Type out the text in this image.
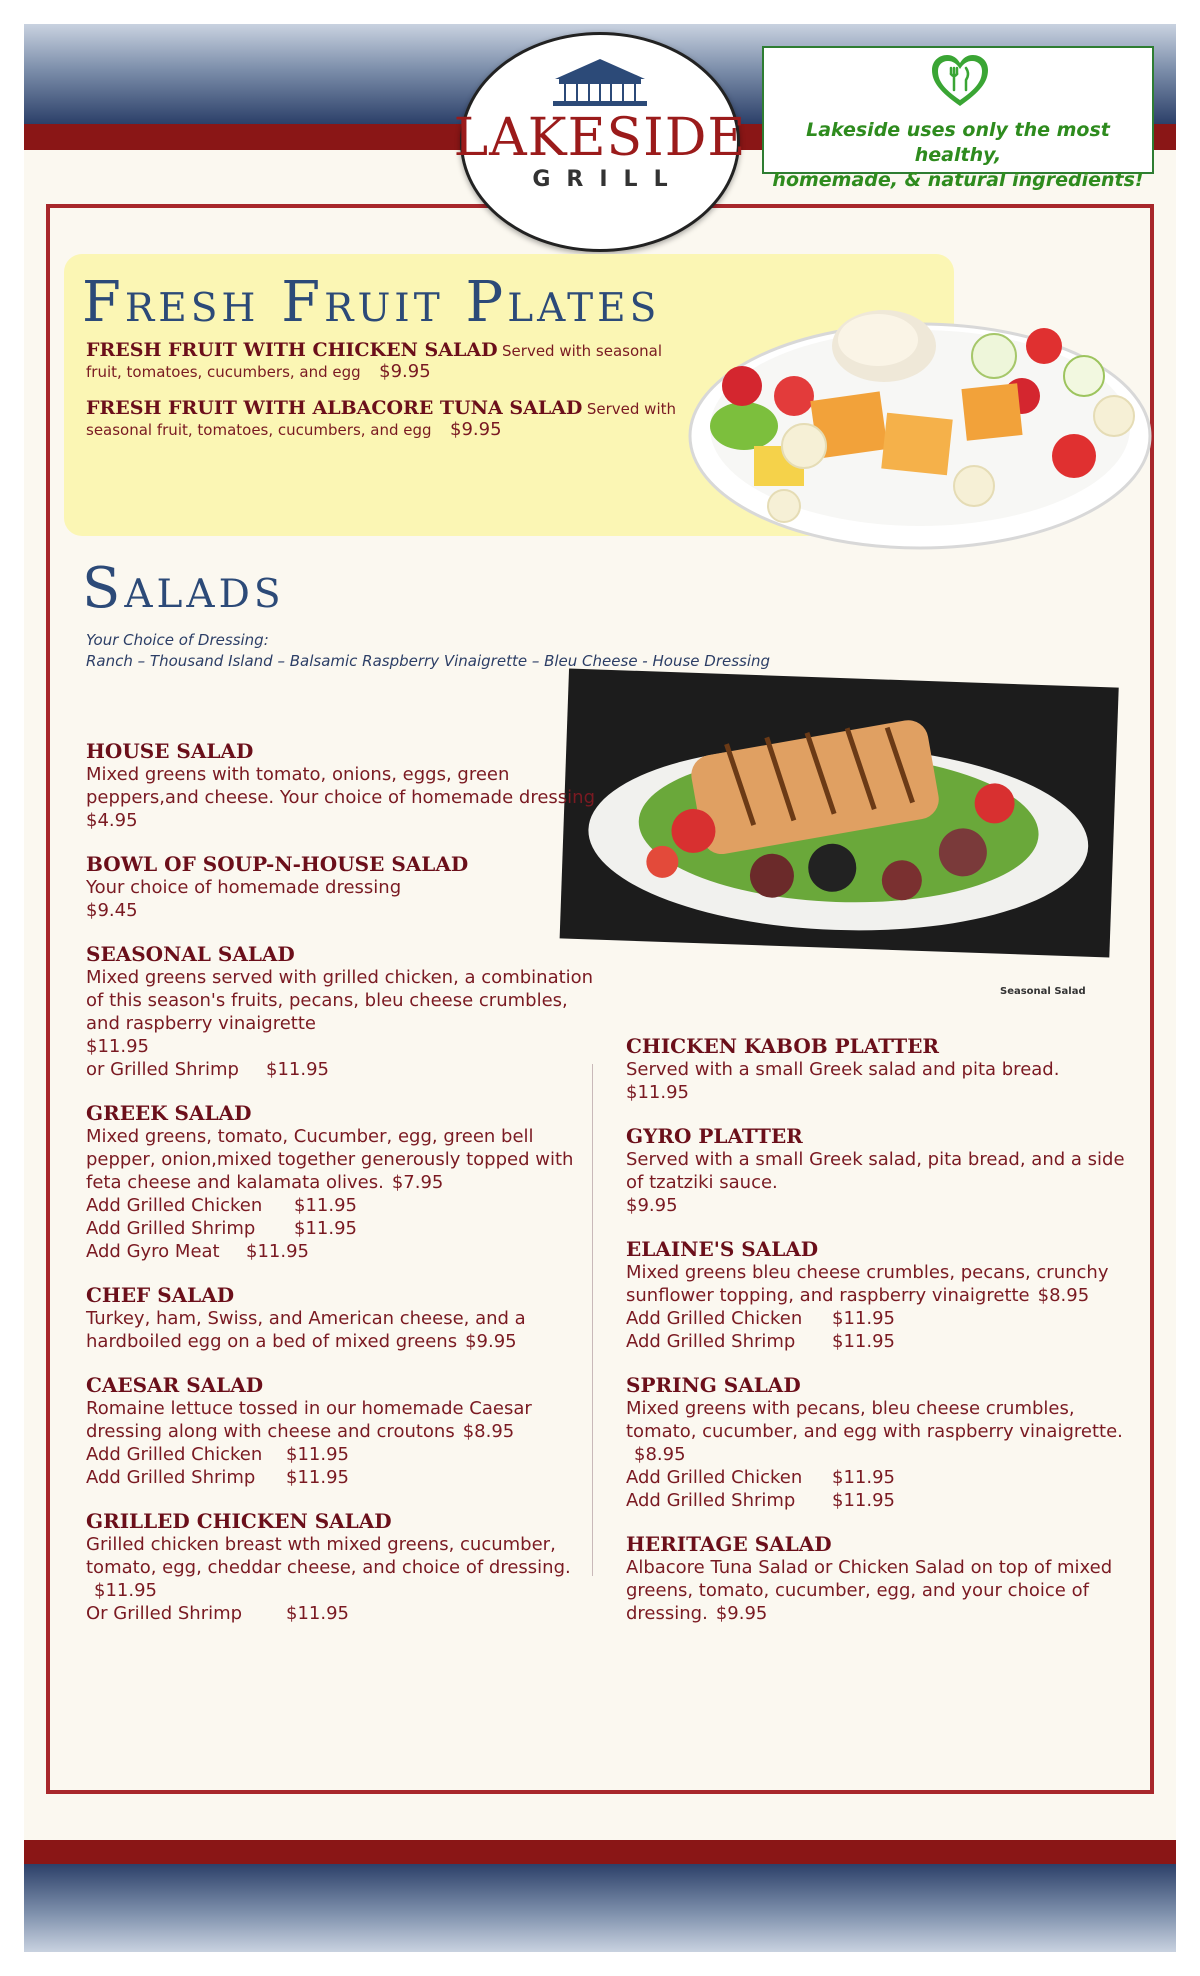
LAKESIDE
GRILL
Lakeside uses only the most healthy,
homemade, & natural ingredients!
Fresh Fruit Plates
FRESH FRUIT WITH CHICKEN SALAD Served with seasonal fruit, tomatoes, cucumbers, and egg $9.95
FRESH FRUIT WITH ALBACORE TUNA SALAD Served with seasonal fruit, tomatoes, cucumbers, and egg $9.95
Salads
Your Choice of Dressing:
Ranch – Thousand Island – Balsamic Raspberry Vinaigrette – Bleu Cheese - House Dressing
Seasonal Salad
HOUSE SALAD
Mixed greens with tomato, onions, eggs, green peppers,and cheese. Your choice of homemade dressing
$4.95
BOWL OF SOUP-N-HOUSE SALAD
Your choice of homemade dressing
$9.45
SEASONAL SALAD
Mixed greens served with grilled chicken, a combination of this season's fruits, pecans, bleu cheese crumbles, and raspberry vinaigrette
$11.95
or Grilled Shrimp $11.95
GREEK SALAD
Mixed greens, tomato, Cucumber, egg, green bell pepper, onion,mixed together generously topped with feta cheese and kalamata olives. $7.95
Add Grilled Chicken $11.95
Add Grilled Shrimp $11.95
Add Gyro Meat $11.95
CHEF SALAD
Turkey, ham, Swiss, and American cheese, and a hardboiled egg on a bed of mixed greens $9.95
CAESAR SALAD
Romaine lettuce tossed in our homemade Caesar dressing along with cheese and croutons $8.95
Add Grilled Chicken $11.95
Add Grilled Shrimp $11.95
GRILLED CHICKEN SALAD
Grilled chicken breast wth mixed greens, cucumber, tomato, egg, cheddar cheese, and choice of dressing.$11.95
Or Grilled Shrimp $11.95
CHICKEN KABOB PLATTER
Served with a small Greek salad and pita bread.
$11.95
GYRO PLATTER
Served with a small Greek salad, pita bread, and a side of tzatziki sauce.
$9.95
ELAINE'S SALAD
Mixed greens bleu cheese crumbles, pecans, crunchy sunflower topping, and raspberry vinaigrette $8.95
Add Grilled Chicken $11.95
Add Grilled Shrimp $11.95
SPRING SALAD
Mixed greens with pecans, bleu cheese crumbles, tomato, cucumber, and egg with raspberry vinaigrette.$8.95
Add Grilled Chicken $11.95
Add Grilled Shrimp $11.95
HERITAGE SALAD
Albacore Tuna Salad or Chicken Salad on top of mixed greens, tomato, cucumber, egg, and your choice of dressing. $9.95
